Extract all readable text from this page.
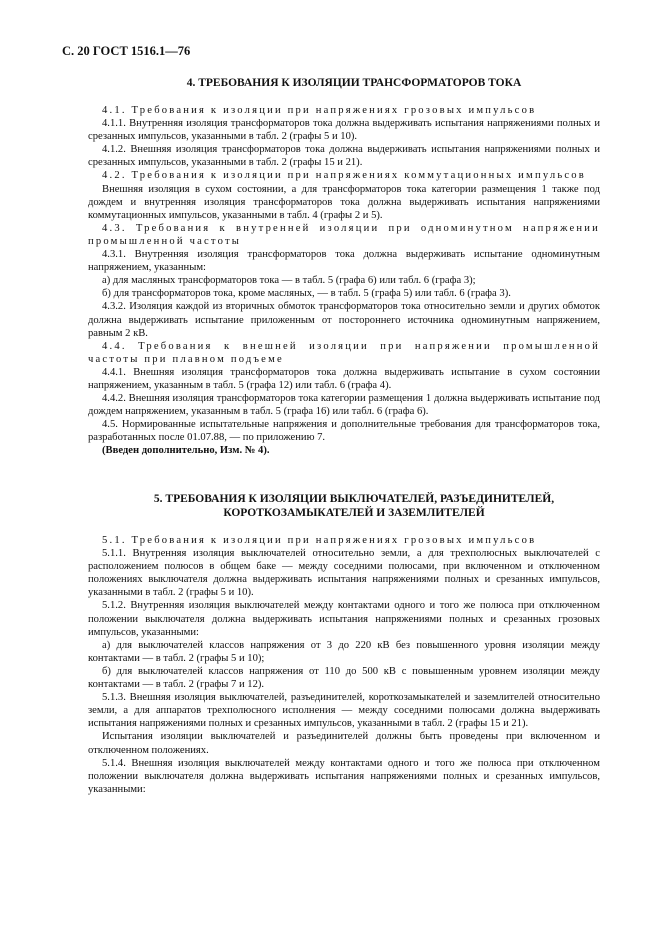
С. 20 ГОСТ 1516.1—76

4. ТРЕБОВАНИЯ К ИЗОЛЯЦИИ ТРАНСФОРМАТОРОВ ТОКА

4.1. Требования к изоляции при напряжениях грозовых импульсов

4.1.1. Внутренняя изоляция трансформаторов тока должна выдерживать испытания напряжениями полных и срезанных импульсов, указанными в табл. 2 (графы 5 и 10).

4.1.2. Внешняя изоляция трансформаторов тока должна выдерживать испытания напряжениями полных и срезанных импульсов, указанными в табл. 2 (графы 15 и 21).

4.2. Требования к изоляции при напряжениях коммутационных импульсов

Внешняя изоляция в сухом состоянии, а для трансформаторов тока категории размещения 1 также под дождем и внутренняя изоляция трансформаторов тока должна выдерживать испытания напряжениями коммутационных импульсов, указанными в табл. 4 (графы 2 и 5).

4.3. Требования к внутренней изоляции при одноминутном напряжении промышленной частоты

4.3.1. Внутренняя изоляция трансформаторов тока должна выдерживать испытание одноминутным напряжением, указанным:

а) для масляных трансформаторов тока — в табл. 5 (графа 6) или табл. 6 (графа 3);

б) для трансформаторов тока, кроме масляных, — в табл. 5 (графа 5) или табл. 6 (графа 3).

4.3.2. Изоляция каждой из вторичных обмоток трансформаторов тока относительно земли и других обмоток должна выдерживать испытание приложенным от постороннего источника одноминутным напряжением, равным 2 кВ.

4.4. Требования к внешней изоляции при напряжении промышленной частоты при плавном подъеме

4.4.1. Внешняя изоляция трансформаторов тока должна выдерживать испытание в сухом состоянии напряжением, указанным в табл. 5 (графа 12) или табл. 6 (графа 4).

4.4.2. Внешняя изоляция трансформаторов тока категории размещения 1 должна выдерживать испытание под дождем напряжением, указанным в табл. 5 (графа 16) или табл. 6 (графа 6).

4.5. Нормированные испытательные напряжения и дополнительные требования для трансформаторов тока, разработанных после 01.07.88, — по приложению 7.

(Введен дополнительно, Изм. № 4).

5. ТРЕБОВАНИЯ К ИЗОЛЯЦИИ ВЫКЛЮЧАТЕЛЕЙ, РАЗЪЕДИНИТЕЛЕЙ,
КОРОТКОЗАМЫКАТЕЛЕЙ И ЗАЗЕМЛИТЕЛЕЙ

5.1. Требования к изоляции при напряжениях грозовых импульсов

5.1.1. Внутренняя изоляция выключателей относительно земли, а для трехполюсных выключателей с расположением полюсов в общем баке — между соседними полюсами, при включенном и отключенном положениях выключателя должна выдерживать испытания напряжениями полных и срезанных импульсов, указанными в табл. 2 (графы 5 и 10).

5.1.2. Внутренняя изоляция выключателей между контактами одного и того же полюса при отключенном положении выключателя должна выдерживать испытания напряжениями полных и срезанных грозовых импульсов, указанными:

а) для выключателей классов напряжения от 3 до 220 кВ без повышенного уровня изоляции между контактами — в табл. 2 (графы 5 и 10);

б) для выключателей классов напряжения от 110 до 500 кВ с повышенным уровнем изоляции между контактами — в табл. 2 (графы 7 и 12).

5.1.3. Внешняя изоляция выключателей, разъединителей, короткозамыкателей и заземлителей относительно земли, а для аппаратов трехполюсного исполнения — между соседними полюсами должна выдерживать испытания напряжениями полных и срезанных импульсов, указанными в табл. 2 (графы 15 и 21).

Испытания изоляции выключателей и разъединителей должны быть проведены при включенном и отключенном положениях.

5.1.4. Внешняя изоляция выключателей между контактами одного и того же полюса при отключенном положении выключателя должна выдерживать испытания напряжениями полных и срезанных импульсов, указанными:
